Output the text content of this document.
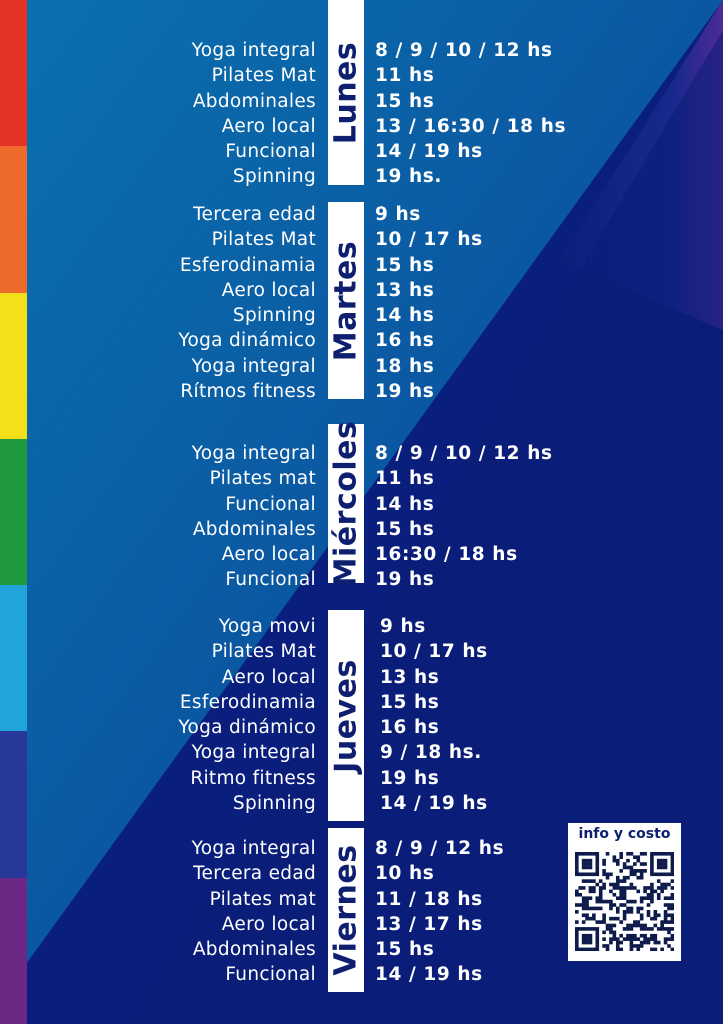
Lunes
Yoga integral	8 / 9 / 10 / 12 hs
Pilates Mat	11 hs
Abdominales	15 hs
Aero local	13 / 16:30 / 18 hs
Funcional	14 / 19 hs
Spinning	19 hs.
Martes
Tercera edad	9 hs
Pilates Mat	10 / 17 hs
Esferodinamia	15 hs
Aero local	13 hs
Spinning	14 hs
Yoga dinámico	16 hs
Yoga integral	18 hs
Rítmos fitness	19 hs
Miércoles
Yoga integral	8 / 9 / 10 / 12 hs
Pilates mat	11 hs
Funcional	14 hs
Abdominales	15 hs
Aero local	16:30 / 18 hs
Funcional	19 hs
Jueves
Yoga movi	9 hs
Pilates Mat	10 / 17 hs
Aero local	13 hs
Esferodinamia	15 hs
Yoga dinámico	16 hs
Yoga integral	9 / 18 hs.
Ritmo fitness	19 hs
Spinning	14 / 19 hs
Viernes
Yoga integral	8 / 9 / 12 hs
Tercera edad	10 hs
Pilates mat	11 / 18 hs
Aero local	13 / 17 hs
Abdominales	15 hs
Funcional	14 / 19 hs
info y costo
